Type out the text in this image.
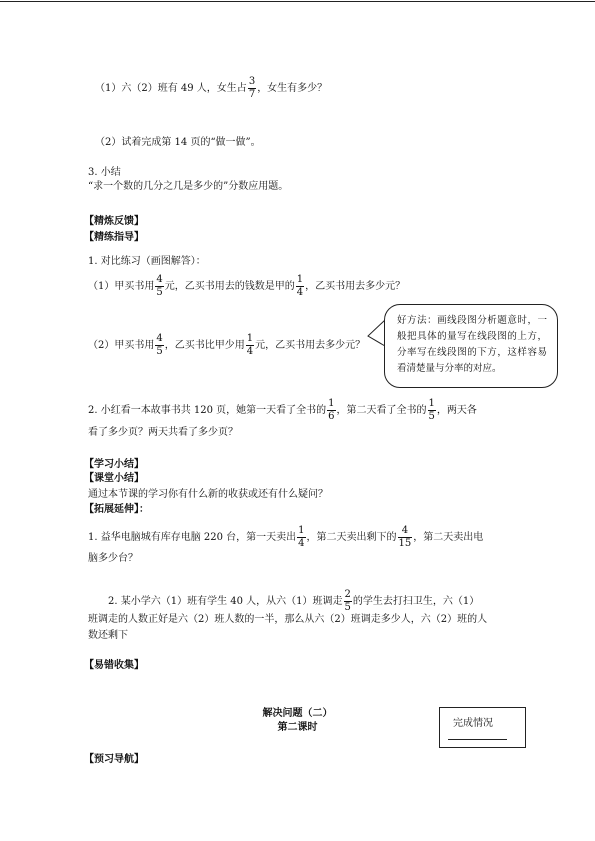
（1）六（2）班有 49 人，女生占 $\frac{3}{7}$ ，女生有多少？
（2）试着完成第 14 页的“做一做”。
3. 小结
“求一个数的几分之几是多少的”分数应用题。
【精炼反馈】
【精练指导】
1. 对比练习（画图解答）：
（1）甲买书用 $\frac{4}{5}$ 元，乙买书用去的钱数是甲的 $\frac{1}{4}$ ，乙买书用去多少元？
（2）甲买书用 $\frac{4}{5}$ ，乙买书比甲少用 $\frac{1}{4}$ 元，乙买书用去多少元？
好方法：画线段图分析题意时，一般把具体的量写在线段图的上方，分率写在线段图的下方，这样容易看清楚量与分率的对应。
2. 小红看一本故事书共 120 页，她第一天看了全书的 $\frac{1}{6}$ ，第二天看了全书的 $\frac{1}{5}$ ，两天各
看了多少页？两天共看了多少页？
【学习小结】
【课堂小结】
通过本节课的学习你有什么新的收获或还有什么疑问？
【拓展延伸】：
1. 益华电脑城有库存电脑 220 台，第一天卖出 $\frac{1}{4}$ ，第二天卖出剩下的 $\frac{4}{15}$ ，第二天卖出电
脑多少台？
2. 某小学六（1）班有学生 40 人，从六（1）班调走 $\frac{2}{5}$ 的学生去打扫卫生，六（1）
班调走的人数正好是六（2）班人数的一半，那么从六（2）班调走多少人，六（2）班的人
数还剩下
【易错收集】
解决问题（二）
第二课时	完成情况
【预习导航】
